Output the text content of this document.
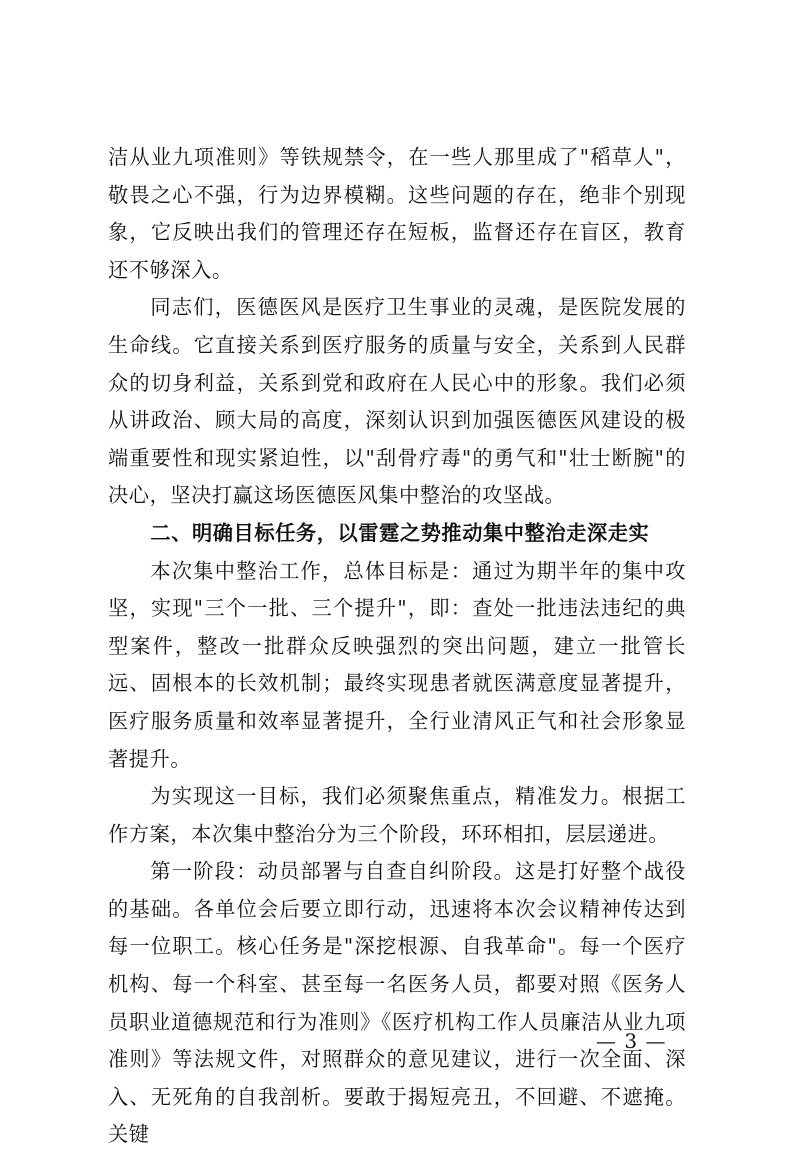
洁从业九项准则》等铁规禁令，在一些人那里成了"稻草人"，敬畏之心不强，行为边界模糊。这些问题的存在，绝非个别现象，它反映出我们的管理还存在短板，监督还存在盲区，教育还不够深入。

同志们，医德医风是医疗卫生事业的灵魂，是医院发展的生命线。它直接关系到医疗服务的质量与安全，关系到人民群众的切身利益，关系到党和政府在人民心中的形象。我们必须从讲政治、顾大局的高度，深刻认识到加强医德医风建设的极端重要性和现实紧迫性，以"刮骨疗毒"的勇气和"壮士断腕"的决心，坚决打赢这场医德医风集中整治的攻坚战。

二、明确目标任务，以雷霆之势推动集中整治走深走实

本次集中整治工作，总体目标是：通过为期半年的集中攻坚，实现"三个一批、三个提升"，即：查处一批违法违纪的典型案件，整改一批群众反映强烈的突出问题，建立一批管长远、固根本的长效机制；最终实现患者就医满意度显著提升，医疗服务质量和效率显著提升，全行业清风正气和社会形象显著提升。

为实现这一目标，我们必须聚焦重点，精准发力。根据工作方案，本次集中整治分为三个阶段，环环相扣，层层递进。

第一阶段：动员部署与自查自纠阶段。这是打好整个战役的基础。各单位会后要立即行动，迅速将本次会议精神传达到每一位职工。核心任务是"深挖根源、自我革命"。每一个医疗机构、每一个科室、甚至每一名医务人员，都要对照《医务人员职业道德规范和行为准则》《医疗机构工作人员廉洁从业九项准则》等法规文件，对照群众的意见建议，进行一次全面、深入、无死角的自我剖析。要敢于揭短亮丑，不回避、不遮掩。关键

— 3 —
